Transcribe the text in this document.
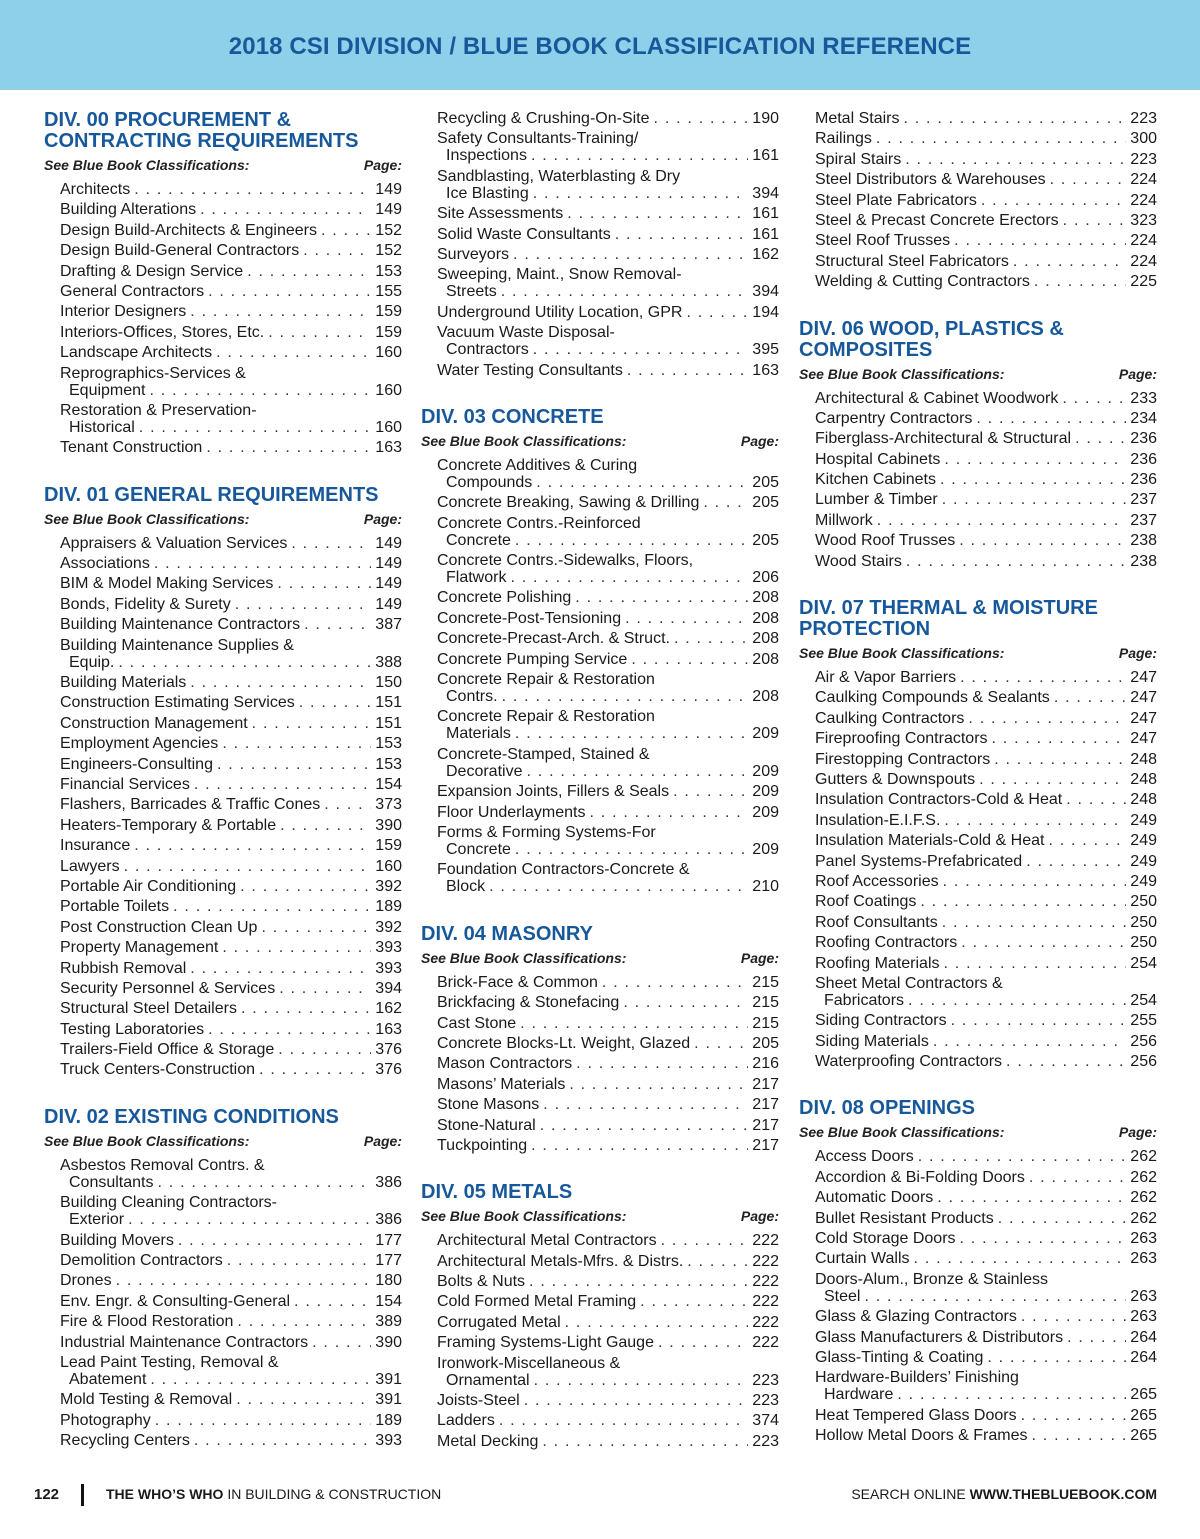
2018 CSI DIVISION / BLUE BOOK CLASSIFICATION REFERENCE
DIV. 00 PROCUREMENT & CONTRACTING REQUIREMENTS
See Blue Book Classifications:	Page:
Architects . . .	149
Building Alterations . . .	149
Design Build-Architects & Engineers . . .	152
Design Build-General Contractors . . .	152
Drafting & Design Service . . .	153
General Contractors . . .	155
Interior Designers . . .	159
Interiors-Offices, Stores, Etc. . . .	159
Landscape Architects . . .	160
Reprographics-Services &
Equipment . . .	160
Restoration & Preservation-
Historical . . .	160
Tenant Construction . . .	163
DIV. 01 GENERAL REQUIREMENTS
See Blue Book Classifications:	Page:
Appraisers & Valuation Services . . .	149
Associations . . .	149
BIM & Model Making Services . . .	149
Bonds, Fidelity & Surety . . .	149
Building Maintenance Contractors . . .	387
Building Maintenance Supplies &
Equip. . . .	388
Building Materials . . .	150
Construction Estimating Services . . .	151
Construction Management . . .	151
Employment Agencies . . .	153
Engineers-Consulting . . .	153
Financial Services . . .	154
Flashers, Barricades & Traffic Cones . . .	373
Heaters-Temporary & Portable . . .	390
Insurance . . .	159
Lawyers . . .	160
Portable Air Conditioning . . .	392
Portable Toilets . . .	189
Post Construction Clean Up . . .	392
Property Management . . .	393
Rubbish Removal . . .	393
Security Personnel & Services . . .	394
Structural Steel Detailers . . .	162
Testing Laboratories . . .	163
Trailers-Field Office & Storage . . .	376
Truck Centers-Construction . . .	376
DIV. 02 EXISTING CONDITIONS
See Blue Book Classifications:	Page:
Asbestos Removal Contrs. &
Consultants . . .	386
Building Cleaning Contractors-
Exterior . . .	386
Building Movers . . .	177
Demolition Contractors . . .	177
Drones . . .	180
Env. Engr. & Consulting-General . . .	154
Fire & Flood Restoration . . .	389
Industrial Maintenance Contractors . . .	390
Lead Paint Testing, Removal &
Abatement . . .	391
Mold Testing & Removal . . .	391
Photography . . .	189
Recycling Centers . . .	393
Recycling & Crushing-On-Site . . .	190
Safety Consultants-Training/
Inspections . . .	161
Sandblasting, Waterblasting & Dry
Ice Blasting . . .	394
Site Assessments . . .	161
Solid Waste Consultants . . .	161
Surveyors . . .	162
Sweeping, Maint., Snow Removal-
Streets . . .	394
Underground Utility Location, GPR . . .	194
Vacuum Waste Disposal-
Contractors . . .	395
Water Testing Consultants . . .	163
DIV. 03 CONCRETE
See Blue Book Classifications:	Page:
Concrete Additives & Curing
Compounds . . .	205
Concrete Breaking, Sawing & Drilling . . .	205
Concrete Contrs.-Reinforced
Concrete . . .	205
Concrete Contrs.-Sidewalks, Floors,
Flatwork . . .	206
Concrete Polishing . . .	208
Concrete-Post-Tensioning . . .	208
Concrete-Precast-Arch. & Struct. . . .	208
Concrete Pumping Service . . .	208
Concrete Repair & Restoration
Contrs. . . .	208
Concrete Repair & Restoration
Materials . . .	209
Concrete-Stamped, Stained &
Decorative . . .	209
Expansion Joints, Fillers & Seals . . .	209
Floor Underlayments . . .	209
Forms & Forming Systems-For
Concrete . . .	209
Foundation Contractors-Concrete &
Block . . .	210
DIV. 04 MASONRY
See Blue Book Classifications:	Page:
Brick-Face & Common . . .	215
Brickfacing & Stonefacing . . .	215
Cast Stone . . .	215
Concrete Blocks-Lt. Weight, Glazed . . .	205
Mason Contractors . . .	216
Masons’ Materials . . .	217
Stone Masons . . .	217
Stone-Natural . . .	217
Tuckpointing . . .	217
DIV. 05 METALS
See Blue Book Classifications:	Page:
Architectural Metal Contractors . . .	222
Architectural Metals-Mfrs. & Distrs. . . .	222
Bolts & Nuts . . .	222
Cold Formed Metal Framing . . .	222
Corrugated Metal . . .	222
Framing Systems-Light Gauge . . .	222
Ironwork-Miscellaneous &
Ornamental . . .	223
Joists-Steel . . .	223
Ladders . . .	374
Metal Decking . . .	223
Metal Stairs . . .	223
Railings . . .	300
Spiral Stairs . . .	223
Steel Distributors & Warehouses . . .	224
Steel Plate Fabricators . . .	224
Steel & Precast Concrete Erectors . . .	323
Steel Roof Trusses . . .	224
Structural Steel Fabricators . . .	224
Welding & Cutting Contractors . . .	225
DIV. 06 WOOD, PLASTICS & COMPOSITES
See Blue Book Classifications:	Page:
Architectural & Cabinet Woodwork . . .	233
Carpentry Contractors . . .	234
Fiberglass-Architectural & Structural . . .	236
Hospital Cabinets . . .	236
Kitchen Cabinets . . .	236
Lumber & Timber . . .	237
Millwork . . .	237
Wood Roof Trusses . . .	238
Wood Stairs . . .	238
DIV. 07 THERMAL & MOISTURE PROTECTION
See Blue Book Classifications:	Page:
Air & Vapor Barriers . . .	247
Caulking Compounds & Sealants . . .	247
Caulking Contractors . . .	247
Fireproofing Contractors . . .	247
Firestopping Contractors . . .	248
Gutters & Downspouts . . .	248
Insulation Contractors-Cold & Heat . . .	248
Insulation-E.I.F.S. . . .	249
Insulation Materials-Cold & Heat . . .	249
Panel Systems-Prefabricated . . .	249
Roof Accessories . . .	249
Roof Coatings . . .	250
Roof Consultants . . .	250
Roofing Contractors . . .	250
Roofing Materials . . .	254
Sheet Metal Contractors &
Fabricators . . .	254
Siding Contractors . . .	255
Siding Materials . . .	256
Waterproofing Contractors . . .	256
DIV. 08 OPENINGS
See Blue Book Classifications:	Page:
Access Doors . . .	262
Accordion & Bi-Folding Doors . . .	262
Automatic Doors . . .	262
Bullet Resistant Products . . .	262
Cold Storage Doors . . .	263
Curtain Walls . . .	263
Doors-Alum., Bronze & Stainless
Steel . . .	263
Glass & Glazing Contractors . . .	263
Glass Manufacturers & Distributors . . .	264
Glass-Tinting & Coating . . .	264
Hardware-Builders’ Finishing
Hardware . . .	265
Heat Tempered Glass Doors . . .	265
Hollow Metal Doors & Frames . . .	265
122	THE WHO’S WHO IN BUILDING & CONSTRUCTION	SEARCH ONLINE WWW.THEBLUEBOOK.COM
